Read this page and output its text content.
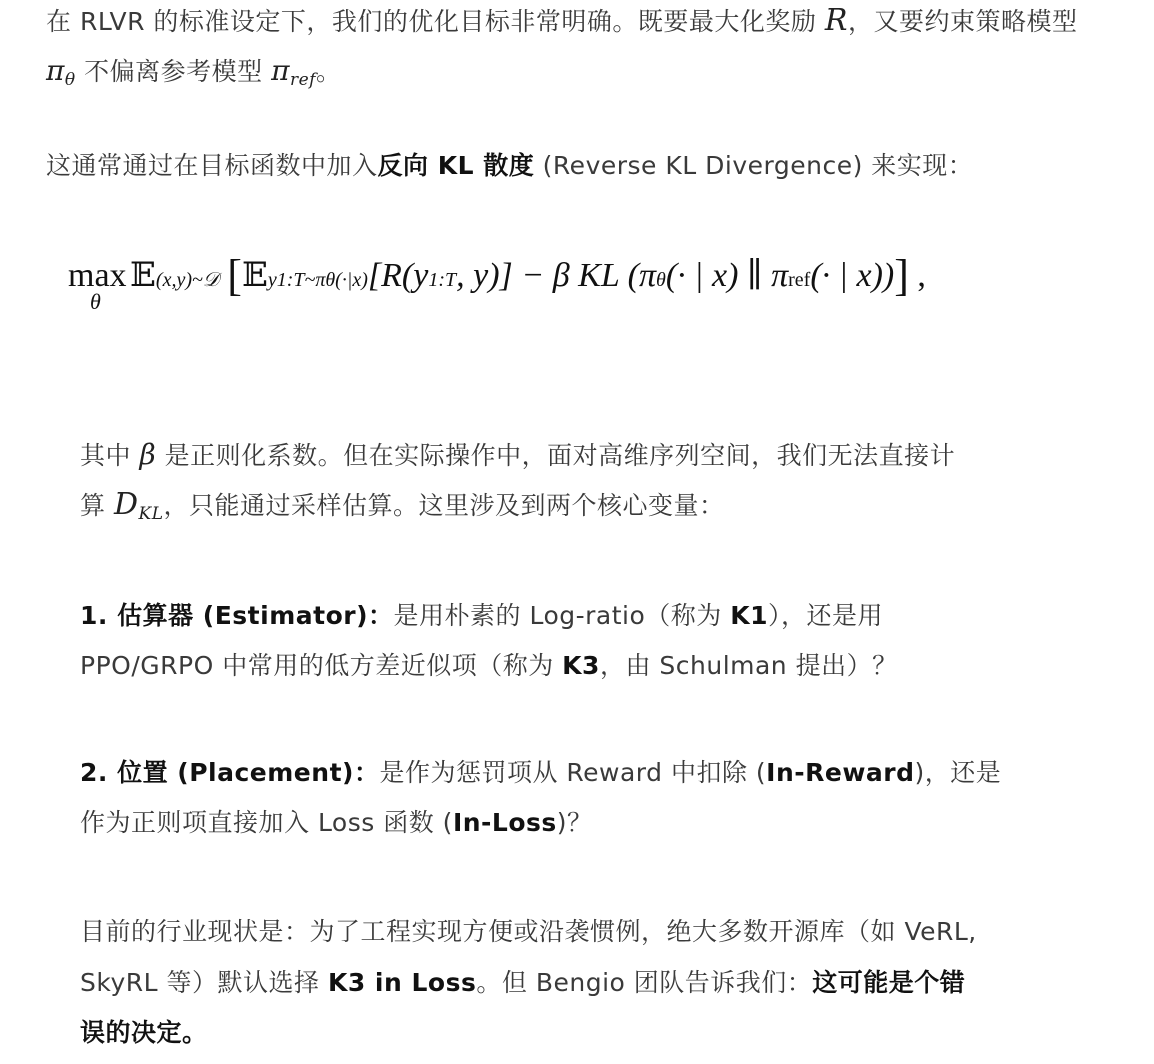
在 RLVR 的标准设定下，我们的优化目标非常明确。既要最大化奖励 R，又要约束策略模型
$\pi_\theta$ 不偏离参考模型 $\pi_{ref}$。
这通常通过在目标函数中加入反向 KL 散度 (Reverse KL Divergence) 来实现：
max
θ
𝔼(x,y)~𝒟 [𝔼y1:T~πθ(·|x)[R(y1:T, y)] − β KL (πθ(· | x) ∥ πref(· | x))] ,
其中 β 是正则化系数。但在实际操作中，面对高维序列空间，我们无法直接计
算 $D_{KL}$，只能通过采样估算。这里涉及到两个核心变量：
1. 估算器 (Estimator)：是用朴素的 Log-ratio（称为 K1），还是用
PPO/GRPO 中常用的低方差近似项（称为 K3，由 Schulman 提出）？
2. 位置 (Placement)：是作为惩罚项从 Reward 中扣除 (In-Reward)，还是
作为正则项直接加入 Loss 函数 (In-Loss)？
目前的行业现状是：为了工程实现方便或沿袭惯例，绝大多数开源库（如 VeRL,
SkyRL 等）默认选择 K3 in Loss。但 Bengio 团队告诉我们：这可能是个错
误的决定。
